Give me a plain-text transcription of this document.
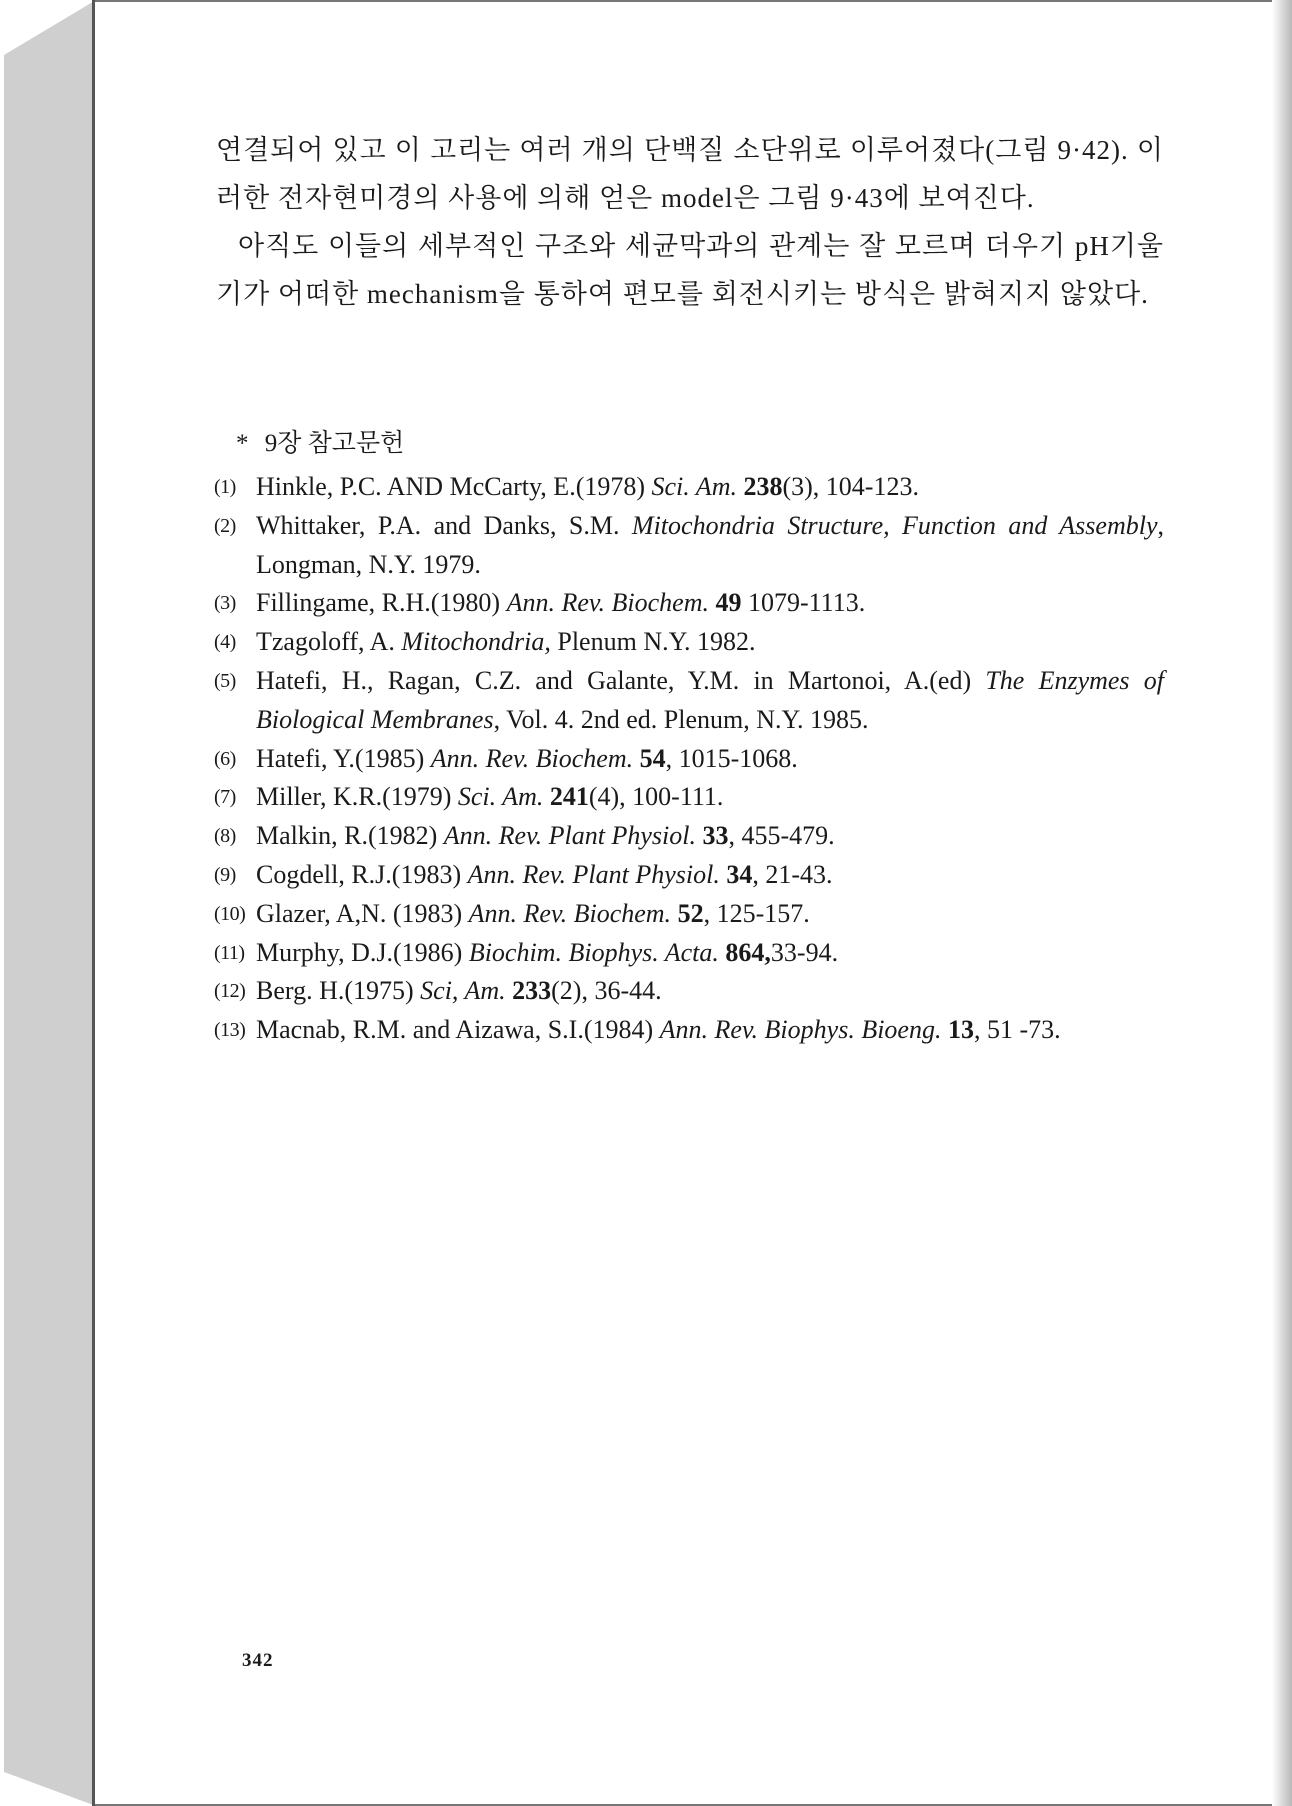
연결되어 있고 이 고리는 여러 개의 단백질 소단위로 이루어졌다(그림 9·42). 이러한 전자현미경의 사용에 의해 얻은 model은 그림 9·43에 보여진다.

아직도 이들의 세부적인 구조와 세균막과의 관계는 잘 모르며 더우기 pH기울기가 어떠한 mechanism을 통하여 편모를 회전시키는 방식은 밝혀지지 않았다.

* 9장 참고문헌
(1) Hinkle, P.C. AND McCarty, E.(1978) Sci. Am. 238(3), 104-123.
(2) Whittaker, P.A. and Danks, S.M. Mitochondria Structure, Function and Assembly, Longman, N.Y. 1979.
(3) Fillingame, R.H.(1980) Ann. Rev. Biochem. 49 1079-1113.
(4) Tzagoloff, A. Mitochondria, Plenum N.Y. 1982.
(5) Hatefi, H., Ragan, C.Z. and Galante, Y.M. in Martonoi, A.(ed) The Enzymes of Biological Membranes, Vol. 4. 2nd ed. Plenum, N.Y. 1985.
(6) Hatefi, Y.(1985) Ann. Rev. Biochem. 54, 1015-1068.
(7) Miller, K.R.(1979) Sci. Am. 241(4), 100-111.
(8) Malkin, R.(1982) Ann. Rev. Plant Physiol. 33, 455-479.
(9) Cogdell, R.J.(1983) Ann. Rev. Plant Physiol. 34, 21-43.
(10) Glazer, A,N. (1983) Ann. Rev. Biochem. 52, 125-157.
(11) Murphy, D.J.(1986) Biochim. Biophys. Acta. 864,33-94.
(12) Berg. H.(1975) Sci, Am. 233(2), 36-44.
(13) Macnab, R.M. and Aizawa, S.I.(1984) Ann. Rev. Biophys. Bioeng. 13, 51 -73.
342
